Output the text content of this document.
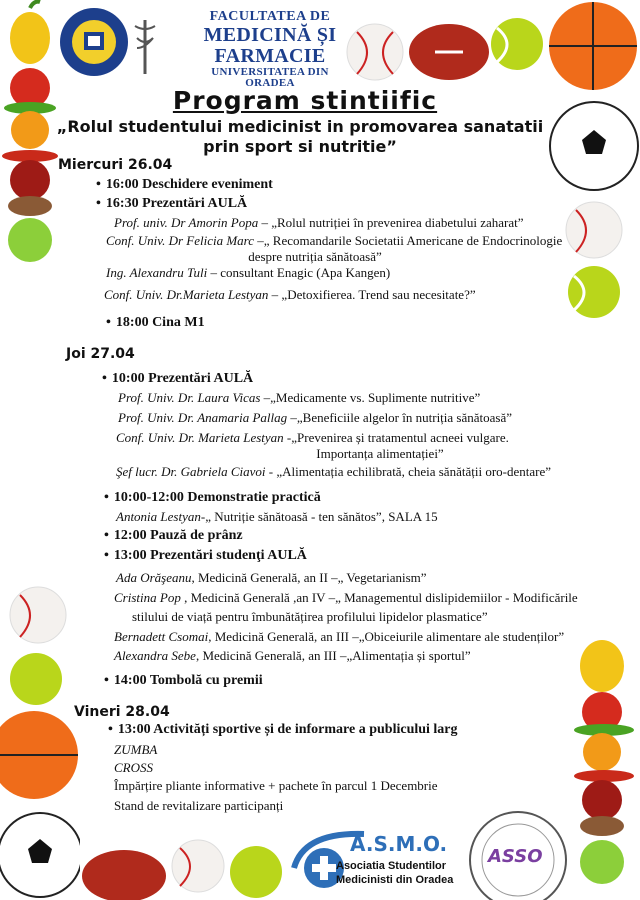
FACULTATEA DE
MEDICINĂ ȘI FARMACIE
UNIVERSITATEA DIN ORADEA
Program stintiific
„Rolul studentului medicinist in promovarea sanatatii
prin sport si nutritie”
Miercuri 26.04
• 16:00 Deschidere eveniment
• 16:30 Prezentări AULĂ
Prof. univ. Dr Amorin Popa – „Rolul nutriției în prevenirea diabetului zaharat”
Conf. Univ. Dr Felicia Marc –„ Recomandarile Societatii Americane de Endocrinologie
despre nutriția sănătoasă”
Ing. Alexandru Tuli – consultant Enagic (Apa Kangen)
Conf. Univ. Dr.Marieta Lestyan – „Detoxifierea. Trend sau necesitate?”
• 18:00 Cina M1
Joi 27.04
• 10:00 Prezentări AULĂ
Prof. Univ. Dr. Laura Vicas –„Medicamente vs. Suplimente nutritive”
Prof. Univ. Dr. Anamaria Pallag –„Beneficiile algelor în nutriția sănătoasă”
Conf. Univ. Dr. Marieta Lestyan -„Prevenirea și tratamentul acneei vulgare.
Importanța alimentației”
Şef lucr. Dr. Gabriela Ciavoi - „Alimentația echilibrată, cheia sănătății oro-dentare”
• 10:00-12:00 Demonstratie practică
Antonia Lestyan-„ Nutriție sănătoasă - ten sănătos”, SALA 15
• 12:00 Pauză de prânz
• 13:00 Prezentări studenţi AULĂ
Ada Orăşeanu, Medicină Generală, an II –„ Vegetarianism”
Cristina Pop , Medicină Generală ,an IV –„ Managementul dislipidemiilor - Modificările
stilului de viață pentru îmbunătățirea profilului lipidelor plasmatice”
Bernadett Csomai, Medicină Generală, an III –„Obiceiurile alimentare ale studenților”
Alexandra Sebe, Medicină Generală, an III –„Alimentația și sportul”
• 14:00 Tombolă cu premii
Vineri 28.04
• 13:00 Activități sportive și de informare a publicului larg
ZUMBA
CROSS
Împărțire pliante informative + pachete în parcul 1 Decembrie
Stand de revitalizare participanți
A.S.M.O.
Asociatia Studentilor
Medicinisti din Oradea
ASSO
